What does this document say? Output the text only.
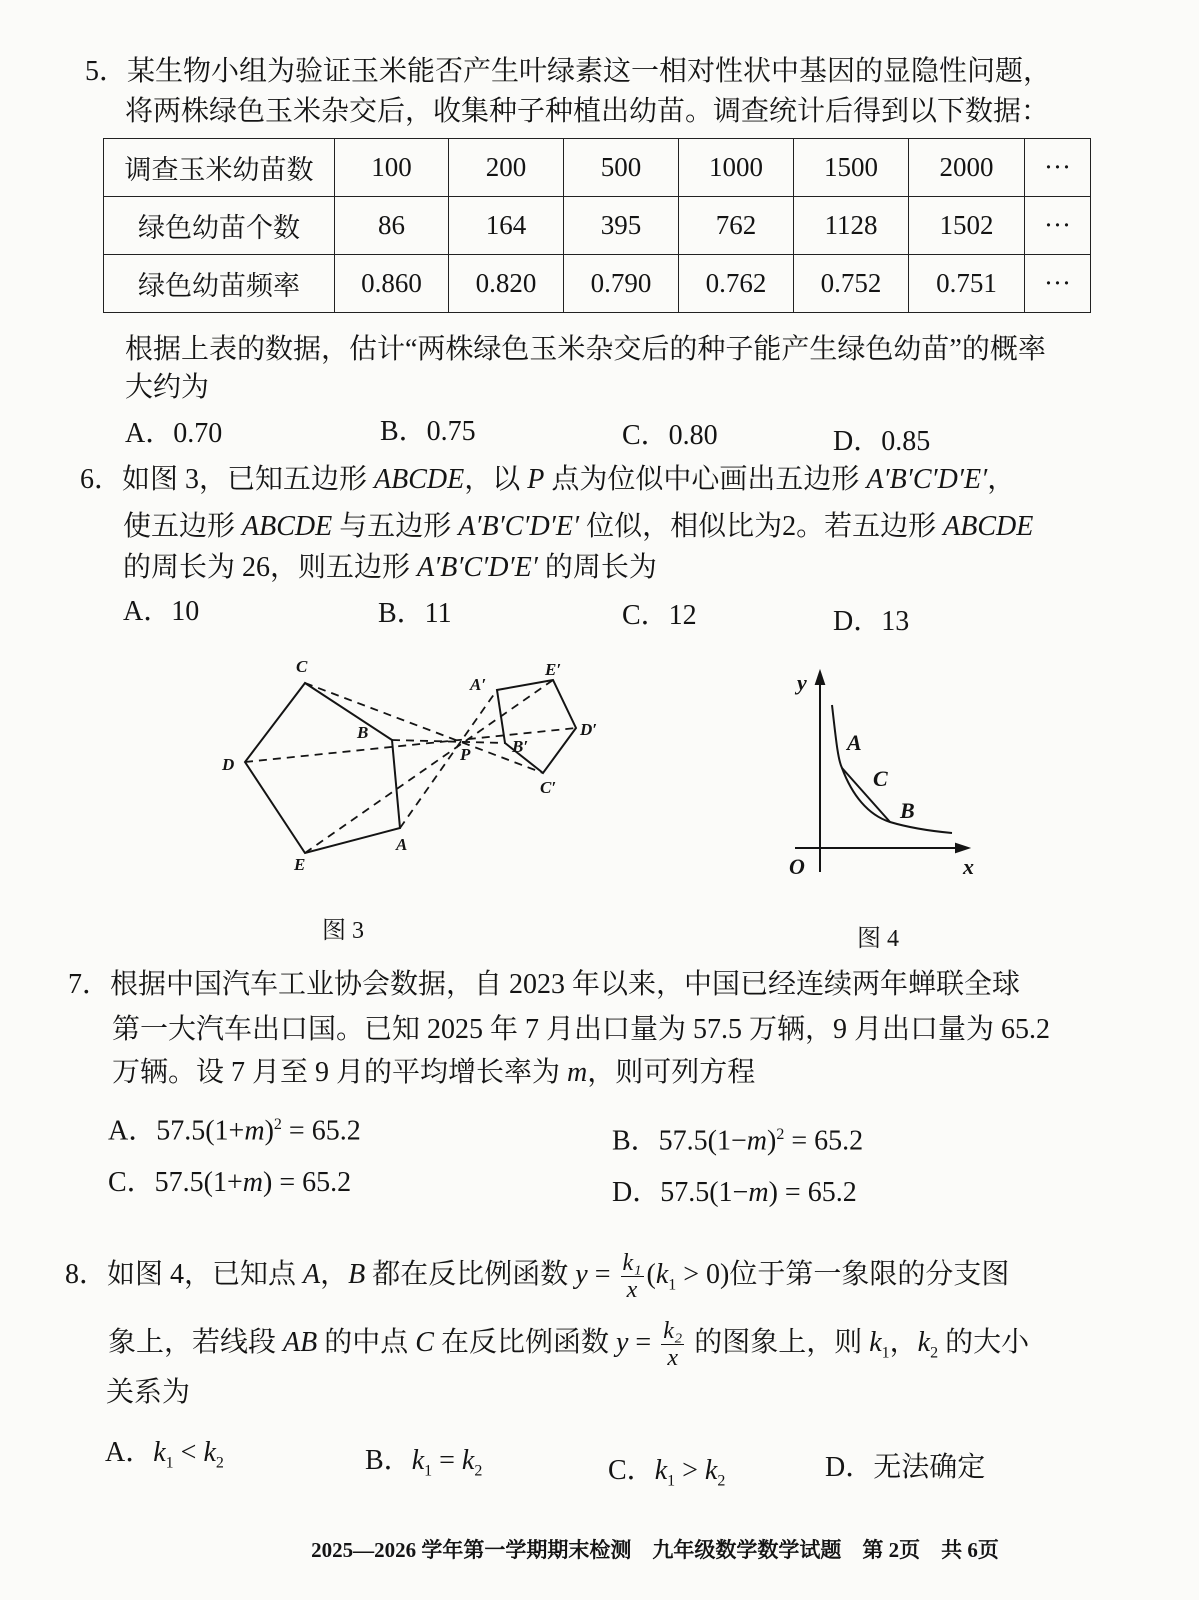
5．某生物小组为验证玉米能否产生叶绿素这一相对性状中基因的显隐性问题，
将两株绿色玉米杂交后，收集种子种植出幼苗。调查统计后得到以下数据：
调查玉米幼苗数	100	200	500	1000	1500	2000	···
绿色幼苗个数	86	164	395	762	1128	1502	···
绿色幼苗频率	0.860	0.820	0.790	0.762	0.752	0.751	···
根据上表的数据，估计“两株绿色玉米杂交后的种子能产生绿色幼苗”的概率
大约为
A．0.70	B．0.75	C．0.80	D．0.85
6．如图 3，已知五边形 ABCDE，以 P 点为位似中心画出五边形 A′B′C′D′E′，
使五边形 ABCDE 与五边形 A′B′C′D′E′ 位似，相似比为2。若五边形 ABCDE
的周长为 26，则五边形 A′B′C′D′E′ 的周长为
A．10	B．11	C．12	D．13
C
B
A
E
D
P
A′
E′
D′
B′
C′
y
A
C
B
O	x
图 3	图 4
7．根据中国汽车工业协会数据，自 2023 年以来，中国已经连续两年蝉联全球
第一大汽车出口国。已知 2025 年 7 月出口量为 57.5 万辆，9 月出口量为 65.2
万辆。设 7 月至 9 月的平均增长率为 m，则可列方程
A．$57.5(1+m)^2 = 65.2$	B．$57.5(1-m)^2 = 65.2$
C．57.5(1+m) = 65.2	D．57.5(1−m) = 65.2
8．如图 4，已知点 A，B 都在反比例函数 $y = \frac{\text{k₁}}{x} (k_1 > 0)$位于第一象限的分支图
象上，若线段 AB 的中点 C 在反比例函数 $y = \frac{\text{k₂}}{x}$ 的图象上，则 $k_1$，$k_2$ 的大小
关系为
A．$k_1 < k_2$	B．$k_1 = k_2$	C．$k_1 > k_2$	D．无法确定
2025—2026 学年第一学期期末检测　九年级数学数学试题　第 2页　共 6页
